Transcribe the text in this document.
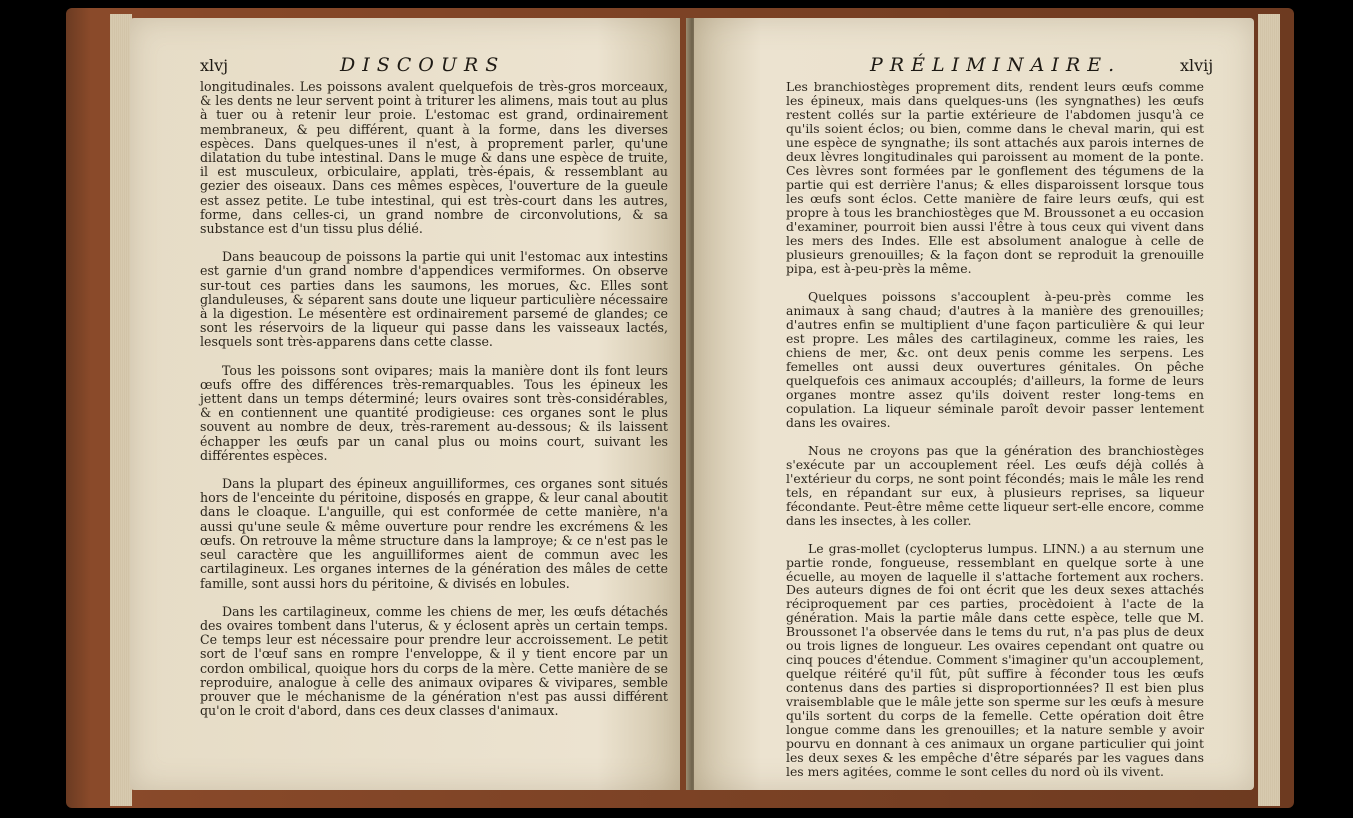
xlvj	DISCOURS

longitudinales. Les poissons avalent quelquefois de très-gros morceaux, & les dents ne leur servent point à triturer les alimens, mais tout au plus à tuer ou à retenir leur proie. L'estomac est grand, ordinairement membraneux, & peu différent, quant à la forme, dans les diverses espèces. Dans quelques-unes il n'est, à proprement parler, qu'une dilatation du tube intestinal. Dans le muge & dans une espèce de truite, il est musculeux, orbiculaire, applati, très-épais, & ressemblant au gezier des oiseaux. Dans ces mêmes espèces, l'ouverture de la gueule est assez petite. Le tube intestinal, qui est très-court dans les autres, forme, dans celles-ci, un grand nombre de circonvolutions, & sa substance est d'un tissu plus délié.

Dans beaucoup de poissons la partie qui unit l'estomac aux intestins est garnie d'un grand nombre d'appendices vermiformes. On observe sur-tout ces parties dans les saumons, les morues, &c. Elles sont glanduleuses, & séparent sans doute une liqueur particulière nécessaire à la digestion. Le mésentère est ordinairement parsemé de glandes; ce sont les réservoirs de la liqueur qui passe dans les vaisseaux lactés, lesquels sont très-apparens dans cette classe.

Tous les poissons sont ovipares; mais la manière dont ils font leurs œufs offre des différences très-remarquables. Tous les épineux les jettent dans un temps déterminé; leurs ovaires sont très-considérables, & en contiennent une quantité prodigieuse: ces organes sont le plus souvent au nombre de deux, très-rarement au-dessous; & ils laissent échapper les œufs par un canal plus ou moins court, suivant les différentes espèces.

Dans la plupart des épineux anguilliformes, ces organes sont situés hors de l'enceinte du péritoine, disposés en grappe, & leur canal aboutit dans le cloaque. L'anguille, qui est conformée de cette manière, n'a aussi qu'une seule & même ouverture pour rendre les excrémens & les œufs. On retrouve la même structure dans la lamproye; & ce n'est pas le seul caractère que les anguilliformes aient de commun avec les cartilagineux. Les organes internes de la génération des mâles de cette famille, sont aussi hors du péritoine, & divisés en lobules.

Dans les cartilagineux, comme les chiens de mer, les œufs détachés des ovaires tombent dans l'uterus, & y éclosent après un certain temps. Ce temps leur est nécessaire pour prendre leur accroissement. Le petit sort de l'œuf sans en rompre l'enveloppe, & il y tient encore par un cordon ombilical, quoique hors du corps de la mère. Cette manière de se reproduire, analogue à celle des animaux ovipares & vivipares, semble prouver que le méchanisme de la génération n'est pas aussi différent qu'on le croit d'abord, dans ces deux classes d'animaux.

PRÉLIMINAIRE.	xlvij

Les branchiostèges proprement dits, rendent leurs œufs comme les épineux, mais dans quelques-uns (les syngnathes) les œufs restent collés sur la partie extérieure de l'abdomen jusqu'à ce qu'ils soient éclos; ou bien, comme dans le cheval marin, qui est une espèce de syngnathe; ils sont attachés aux parois internes de deux lèvres longitudinales qui paroissent au moment de la ponte. Ces lèvres sont formées par le gonflement des tégumens de la partie qui est derrière l'anus; & elles disparoissent lorsque tous les œufs sont éclos. Cette manière de faire leurs œufs, qui est propre à tous les branchiostèges que M. Broussonet a eu occasion d'examiner, pourroit bien aussi l'être à tous ceux qui vivent dans les mers des Indes. Elle est absolument analogue à celle de plusieurs grenouilles; & la façon dont se reproduit la grenouille pipa, est à-peu-près la même.

Quelques poissons s'accouplent à-peu-près comme les animaux à sang chaud; d'autres à la manière des grenouilles; d'autres enfin se multiplient d'une façon particulière & qui leur est propre. Les mâles des cartilagineux, comme les raies, les chiens de mer, &c. ont deux penis comme les serpens. Les femelles ont aussi deux ouvertures génitales. On pêche quelquefois ces animaux accouplés; d'ailleurs, la forme de leurs organes montre assez qu'ils doivent rester long-tems en copulation. La liqueur séminale paroît devoir passer lentement dans les ovaires.

Nous ne croyons pas que la génération des branchiostèges s'exécute par un accouplement réel. Les œufs déjà collés à l'extérieur du corps, ne sont point fécondés; mais le mâle les rend tels, en répandant sur eux, à plusieurs reprises, sa liqueur fécondante. Peut-être même cette liqueur sert-elle encore, comme dans les insectes, à les coller.

Le gras-mollet (cyclopterus lumpus. LINN.) a au sternum une partie ronde, fongueuse, ressemblant en quelque sorte à une écuelle, au moyen de laquelle il s'attache fortement aux rochers. Des auteurs dignes de foi ont écrit que les deux sexes attachés réciproquement par ces parties, procèdoient à l'acte de la génération. Mais la partie mâle dans cette espèce, telle que M. Broussonet l'a observée dans le tems du rut, n'a pas plus de deux ou trois lignes de longueur. Les ovaires cependant ont quatre ou cinq pouces d'étendue. Comment s'imaginer qu'un accouplement, quelque réitéré qu'il fût, pût suffire à féconder tous les œufs contenus dans des parties si disproportionnées? Il est bien plus vraisemblable que le mâle jette son sperme sur les œufs à mesure qu'ils sortent du corps de la femelle. Cette opération doit être longue comme dans les grenouilles; et la nature semble y avoir pourvu en donnant à ces animaux un organe particulier qui joint les deux sexes & les empêche d'être séparés par les vagues dans les mers agitées, comme le sont celles du nord où ils vivent.
